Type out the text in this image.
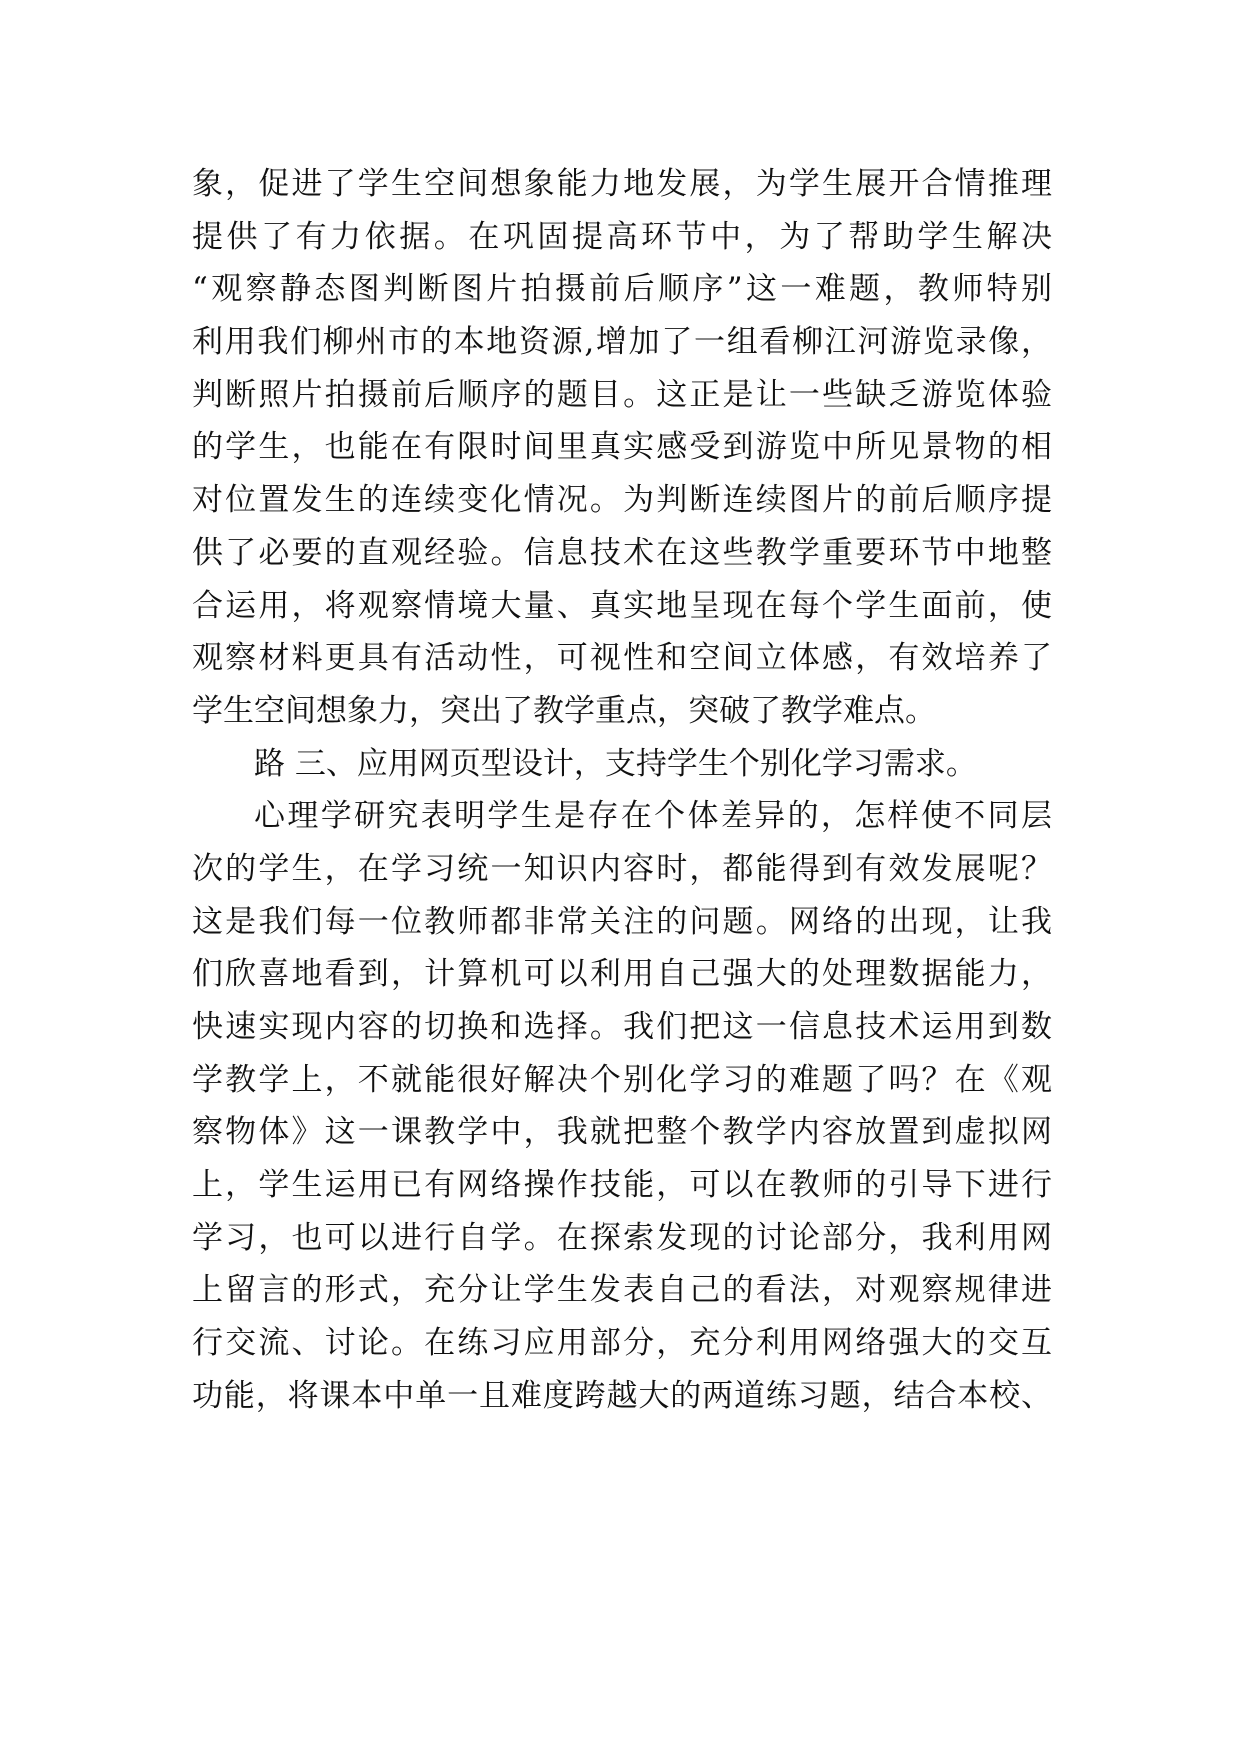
象，促进了学生空间想象能力地发展，为学生展开合情推理
提供了有力依据。在巩固提高环节中，为了帮助学生解决
“观察静态图判断图片拍摄前后顺序”这一难题，教师特别
利用我们柳州市的本地资源,增加了一组看柳江河游览录像，
判断照片拍摄前后顺序的题目。这正是让一些缺乏游览体验
的学生，也能在有限时间里真实感受到游览中所见景物的相
对位置发生的连续变化情况。为判断连续图片的前后顺序提
供了必要的直观经验。信息技术在这些教学重要环节中地整
合运用，将观察情境大量、真实地呈现在每个学生面前，使
观察材料更具有活动性，可视性和空间立体感，有效培养了
学生空间想象力，突出了教学重点，突破了教学难点。
路 三、应用网页型设计，支持学生个别化学习需求。
心理学研究表明学生是存在个体差异的，怎样使不同层
次的学生，在学习统一知识内容时，都能得到有效发展呢？
这是我们每一位教师都非常关注的问题。网络的出现，让我
们欣喜地看到，计算机可以利用自己强大的处理数据能力，
快速实现内容的切换和选择。我们把这一信息技术运用到数
学教学上，不就能很好解决个别化学习的难题了吗？在《观
察物体》这一课教学中，我就把整个教学内容放置到虚拟网
上，学生运用已有网络操作技能，可以在教师的引导下进行
学习，也可以进行自学。在探索发现的讨论部分，我利用网
上留言的形式，充分让学生发表自己的看法，对观察规律进
行交流、讨论。在练习应用部分，充分利用网络强大的交互
功能，将课本中单一且难度跨越大的两道练习题，结合本校、
